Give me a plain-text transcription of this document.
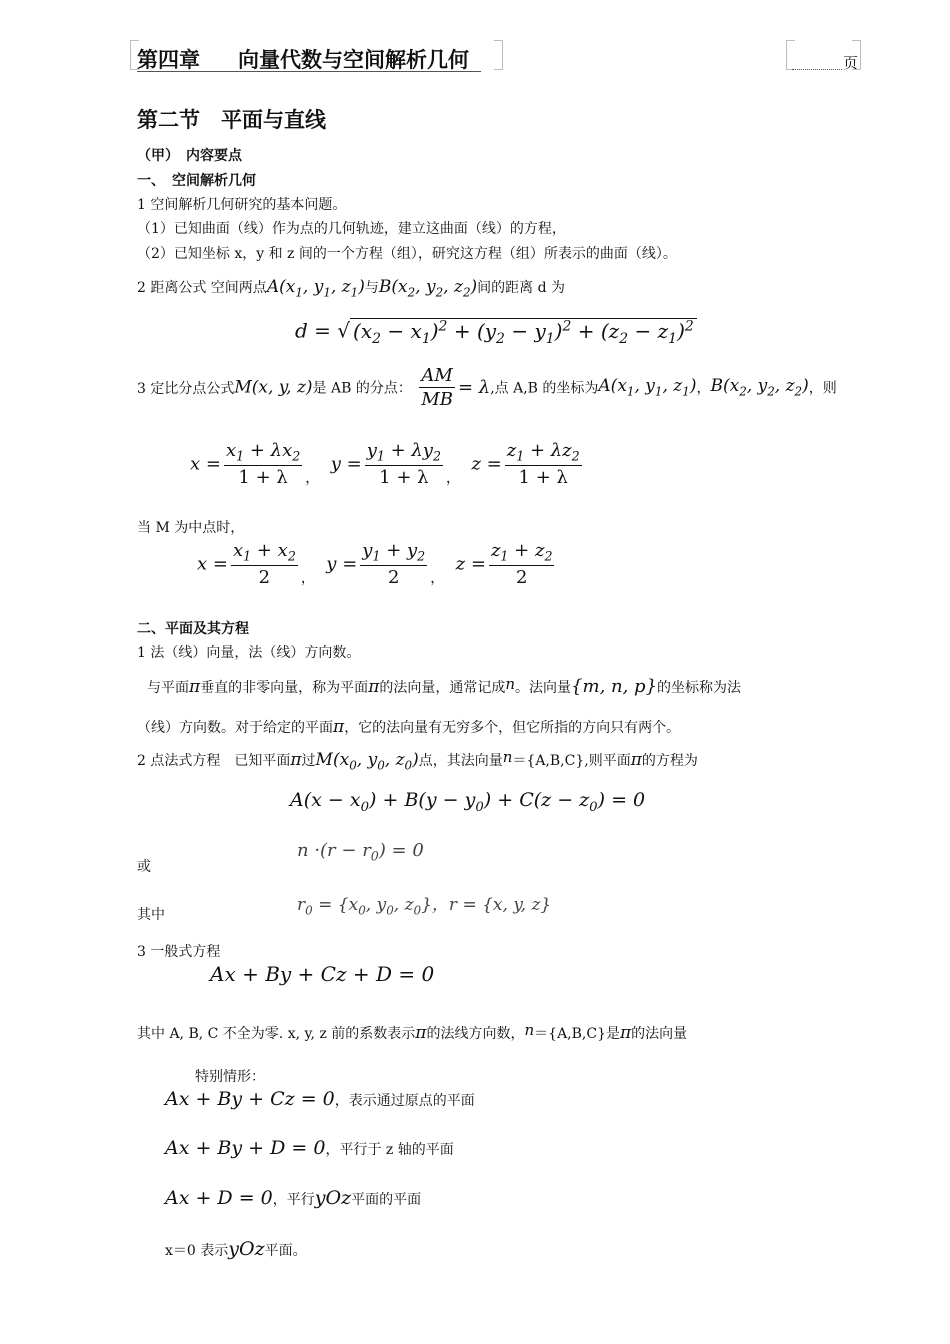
第四章 向量代数与空间解析几何	页
第二节　平面与直线
（甲）　内容要点
一、　空间解析几何
1 空间解析几何研究的基本问题。
（1）已知曲面（线）作为点的几何轨迹，建立这曲面（线）的方程，
（2）已知坐标 x，y 和 z 间的一个方程（组），研究这方程（组）所表示的曲面（线）。
2 距离公式 空间两点$A(x_1$, $y_1$, $z_1$)与$B(x_2$, $y_2$, $z_2$)间的距离 d 为
d = √ $(x_2 - x_1)^2 + (y_2 - y_1)^2 + (z_2 - z_1)^2$
3 定比分点公式M(x, y, z)是 AB 的分点： $\frac{AM}{MB} = \lambda$,点 A,B 的坐标为$A(x_1$, $y_1$, $z_1$)，$B(x_2$, $y_2$, $z_2$)，则
$x = \frac{x_1 + \lambda x_2}{1 + \lambda}$ ，  $y = \frac{y_1 + \lambda y_2}{1 + \lambda}$ ，  $z = \frac{z_1 + \lambda z_2}{1 + \lambda}$
当 M 为中点时，
$x = \frac{x_1 + x_2}{2}$ ，  $y = \frac{y_1 + y_2}{2}$ ，  $z = \frac{z_1 + z_2}{2}$
二、平面及其方程
1 法（线）向量，法（线）方向数。
与平面π垂直的非零向量，称为平面π的法向量，通常记成n。法向量{m, n, p}的坐标称为法
（线）方向数。对于给定的平面π，它的法向量有无穷多个，但它所指的方向只有两个。
2 点法式方程　已知平面π过$M(x_0$, $y_0$, $z_0$)点，其法向量n＝{A,B,C},则平面π的方程为
$A(x - x_0) + B(y - y_0) + C(z - z_0) = 0$
或
$n \cdot(r - r_0) = 0$
其中	$r_0 = \{x_0$, $y_0$, $z_0$}，r = {x, y, z}
3 一般式方程
Ax + By + Cz + D = 0
其中 A, B, C 不全为零. x, y, z 前的系数表示π的法线方向数，n＝{A,B,C}是π的法向量
特别情形：
Ax + By + Cz = 0，表示通过原点的平面
Ax + By + D = 0，平行于 z 轴的平面
Ax + D = 0，平行yOz平面的平面
x＝0 表示yOz平面。
